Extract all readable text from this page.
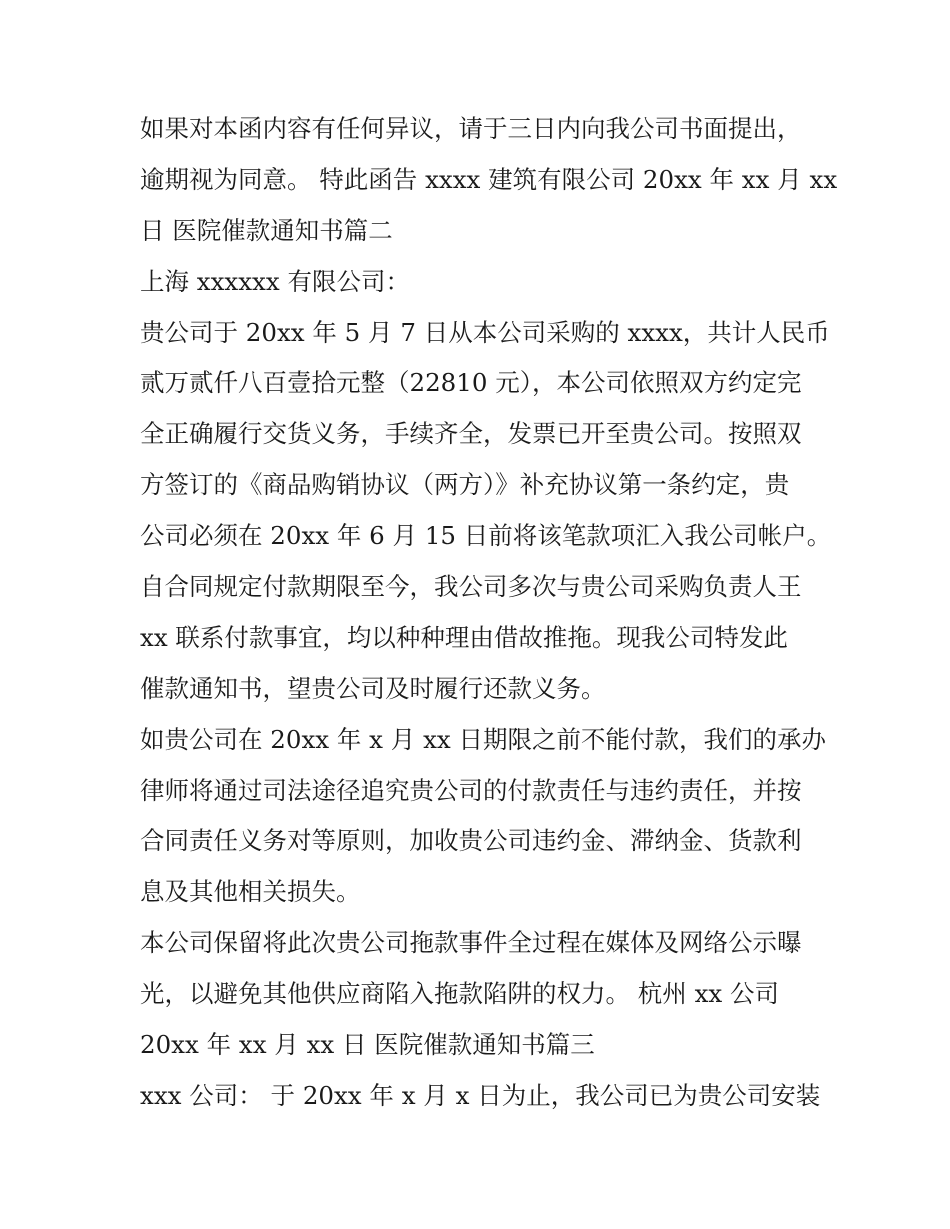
如果对本函内容有任何异议，请于三日内向我公司书面提出，
逾期视为同意。 特此函告 xxxx 建筑有限公司 20xx 年 xx 月 xx
日 医院催款通知书篇二
上海 xxxxxx 有限公司：
贵公司于 20xx 年 5 月 7 日从本公司采购的 xxxx，共计人民币
贰万贰仟八百壹拾元整（22810 元），本公司依照双方约定完
全正确履行交货义务，手续齐全，发票已开至贵公司。按照双
方签订的《商品购销协议（两方）》补充协议第一条约定，贵
公司必须在 20xx 年 6 月 15 日前将该笔款项汇入我公司帐户。
自合同规定付款期限至今，我公司多次与贵公司采购负责人王
xx 联系付款事宜，均以种种理由借故推拖。现我公司特发此
催款通知书，望贵公司及时履行还款义务。
如贵公司在 20xx 年 x 月 xx 日期限之前不能付款，我们的承办
律师将通过司法途径追究贵公司的付款责任与违约责任，并按
合同责任义务对等原则，加收贵公司违约金、滞纳金、货款利
息及其他相关损失。
本公司保留将此次贵公司拖款事件全过程在媒体及网络公示曝
光，以避免其他供应商陷入拖款陷阱的权力。 杭州 xx 公司
20xx 年 xx 月 xx 日 医院催款通知书篇三
xxx 公司： 于 20xx 年 x 月 x 日为止，我公司已为贵公司安装
